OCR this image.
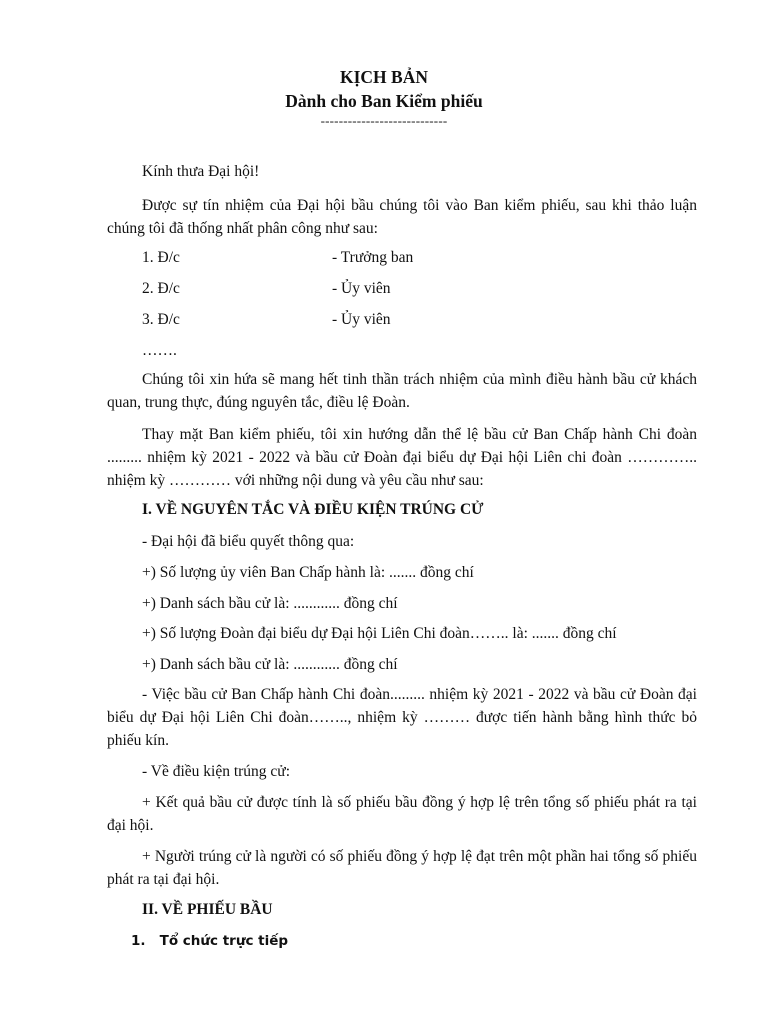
KỊCH BẢN
Dành cho Ban Kiểm phiếu
----------------------------

Kính thưa Đại hội!

Được sự tín nhiệm của Đại hội bầu chúng tôi vào Ban kiểm phiếu, sau khi thảo luận chúng tôi đã thống nhất phân công như sau:

1. Đ/c	- Trưởng ban
2. Đ/c	- Ủy viên
3. Đ/c	- Ủy viên
…….

Chúng tôi xin hứa sẽ mang hết tinh thần trách nhiệm của mình điều hành bầu cử khách quan, trung thực, đúng nguyên tắc, điều lệ Đoàn.

Thay mặt Ban kiểm phiếu, tôi xin hướng dẫn thể lệ bầu cử Ban Chấp hành Chi đoàn ......... nhiệm kỳ 2021 - 2022 và bầu cử Đoàn đại biểu dự Đại hội Liên chi đoàn ………….. nhiệm kỳ ………… với những nội dung và yêu cầu như sau:

I. VỀ NGUYÊN TẮC VÀ ĐIỀU KIỆN TRÚNG CỬ

- Đại hội đã biểu quyết thông qua:

+) Số lượng ủy viên Ban Chấp hành là: ....... đồng chí

+) Danh sách bầu cử là: ............ đồng chí

+) Số lượng Đoàn đại biểu dự Đại hội Liên Chi đoàn…….. là: ....... đồng chí

+) Danh sách bầu cử là: ............ đồng chí

- Việc bầu cử Ban Chấp hành Chi đoàn......... nhiệm kỳ 2021 - 2022 và bầu cử Đoàn đại biểu dự Đại hội Liên Chi đoàn…….., nhiệm kỳ ……… được tiến hành bằng hình thức bỏ phiếu kín.

- Về điều kiện trúng cử:

+ Kết quả bầu cử được tính là số phiếu bầu đồng ý hợp lệ trên tổng số phiếu phát ra tại đại hội.

+ Người trúng cử là người có số phiếu đồng ý hợp lệ đạt trên một phần hai tổng số phiếu phát ra tại đại hội.

II. VỀ PHIẾU BẦU
1.   Tổ chức trực tiếp
